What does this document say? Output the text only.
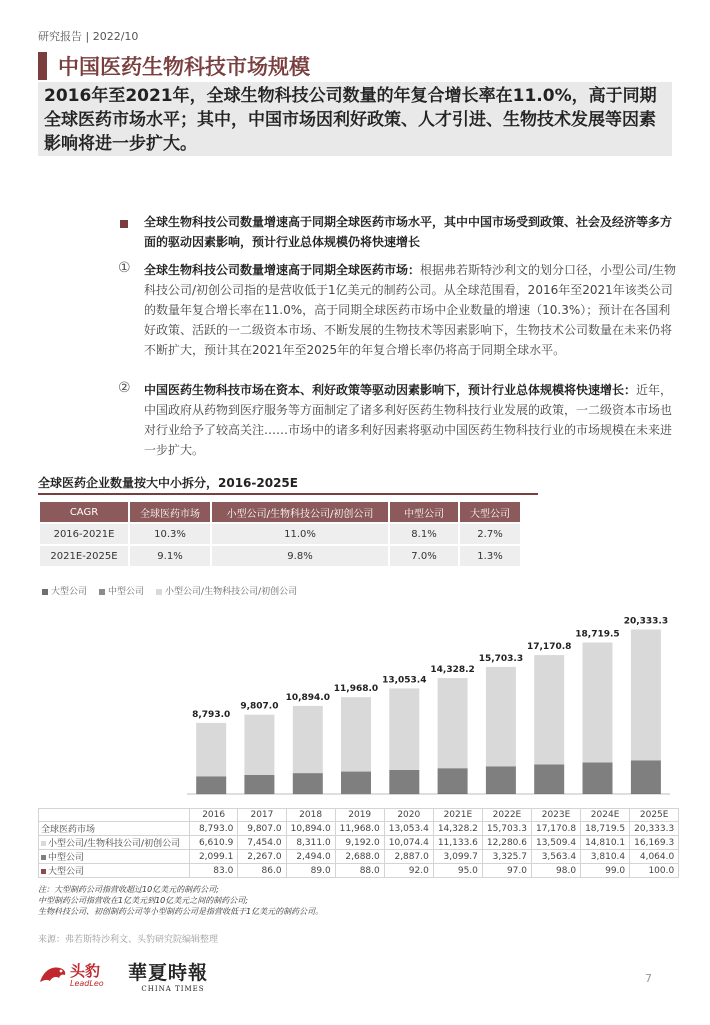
研究报告 | 2022/10
中国医药生物科技市场规模
2016年至2021年，全球生物科技公司数量的年复合增长率在11.0%，高于同期全球医药市场水平；其中，中国市场因利好政策、人才引进、生物技术发展等因素影响将进一步扩大。
全球生物科技公司数量增速高于同期全球医药市场水平，其中中国市场受到政策、社会及经济等多方面的驱动因素影响，预计行业总体规模仍将快速增长
① 全球生物科技公司数量增速高于同期全球医药市场：根据弗若斯特沙利文的划分口径，小型公司/生物科技公司/初创公司指的是营收低于1亿美元的制药公司。从全球范围看，2016年至2021年该类公司的数量年复合增长率在11.0%，高于同期全球医药市场中企业数量的增速（10.3%）；预计在各国利好政策、活跃的一二级资本市场、不断发展的生物技术等因素影响下，生物技术公司数量在未来仍将不断扩大，预计其在2021年至2025年的年复合增长率仍将高于同期全球水平。
② 中国医药生物科技市场在资本、利好政策等驱动因素影响下，预计行业总体规模将快速增长：近年，中国政府从药物到医疗服务等方面制定了诸多利好医药生物科技行业发展的政策，一二级资本市场也对行业给予了较高关注……市场中的诸多利好因素将驱动中国医药生物科技行业的市场规模在未来进一步扩大。
全球医药企业数量按大中小拆分，2016-2025E
CAGR	全球医药市场	小型公司/生物科技公司/初创公司	中型公司	大型公司
2016-2021E	10.3%	11.0%	8.1%	2.7%
2021E-2025E	9.1%	9.8%	7.0%	1.3%
大型公司	中型公司	小型公司/生物科技公司/初创公司
8,793.0
9,807.0
10,894.0
11,968.0
13,053.4
14,328.2
15,703.3
17,170.8
18,719.5
20,333.3
	2016	2017	2018	2019	2020	2021E	2022E	2023E	2024E	2025E
全球医药市场	8,793.0	9,807.0	10,894.0	11,968.0	13,053.4	14,328.2	15,703.3	17,170.8	18,719.5	20,333.3
小型公司/生物科技公司/初创公司	6,610.9	7,454.0	8,311.0	9,192.0	10,074.4	11,133.6	12,280.6	13,509.4	14,810.1	16,169.3
中型公司	2,099.1	2,267.0	2,494.0	2,688.0	2,887.0	3,099.7	3,325.7	3,563.4	3,810.4	4,064.0
大型公司	83.0	86.0	89.0	88.0	92.0	95.0	97.0	98.0	99.0	100.0
注：大型制药公司指营收超过10亿美元的制药公司;
中型制药公司指营收在1亿美元到10亿美元之间的制药公司;
生物科技公司、初创制药公司等小型制药公司是指营收低于1亿美元的制药公司。
来源：弗若斯特沙利文、头豹研究院编辑整理
头豹
LeadLeo 華夏時報
CHINA TIMES
7
